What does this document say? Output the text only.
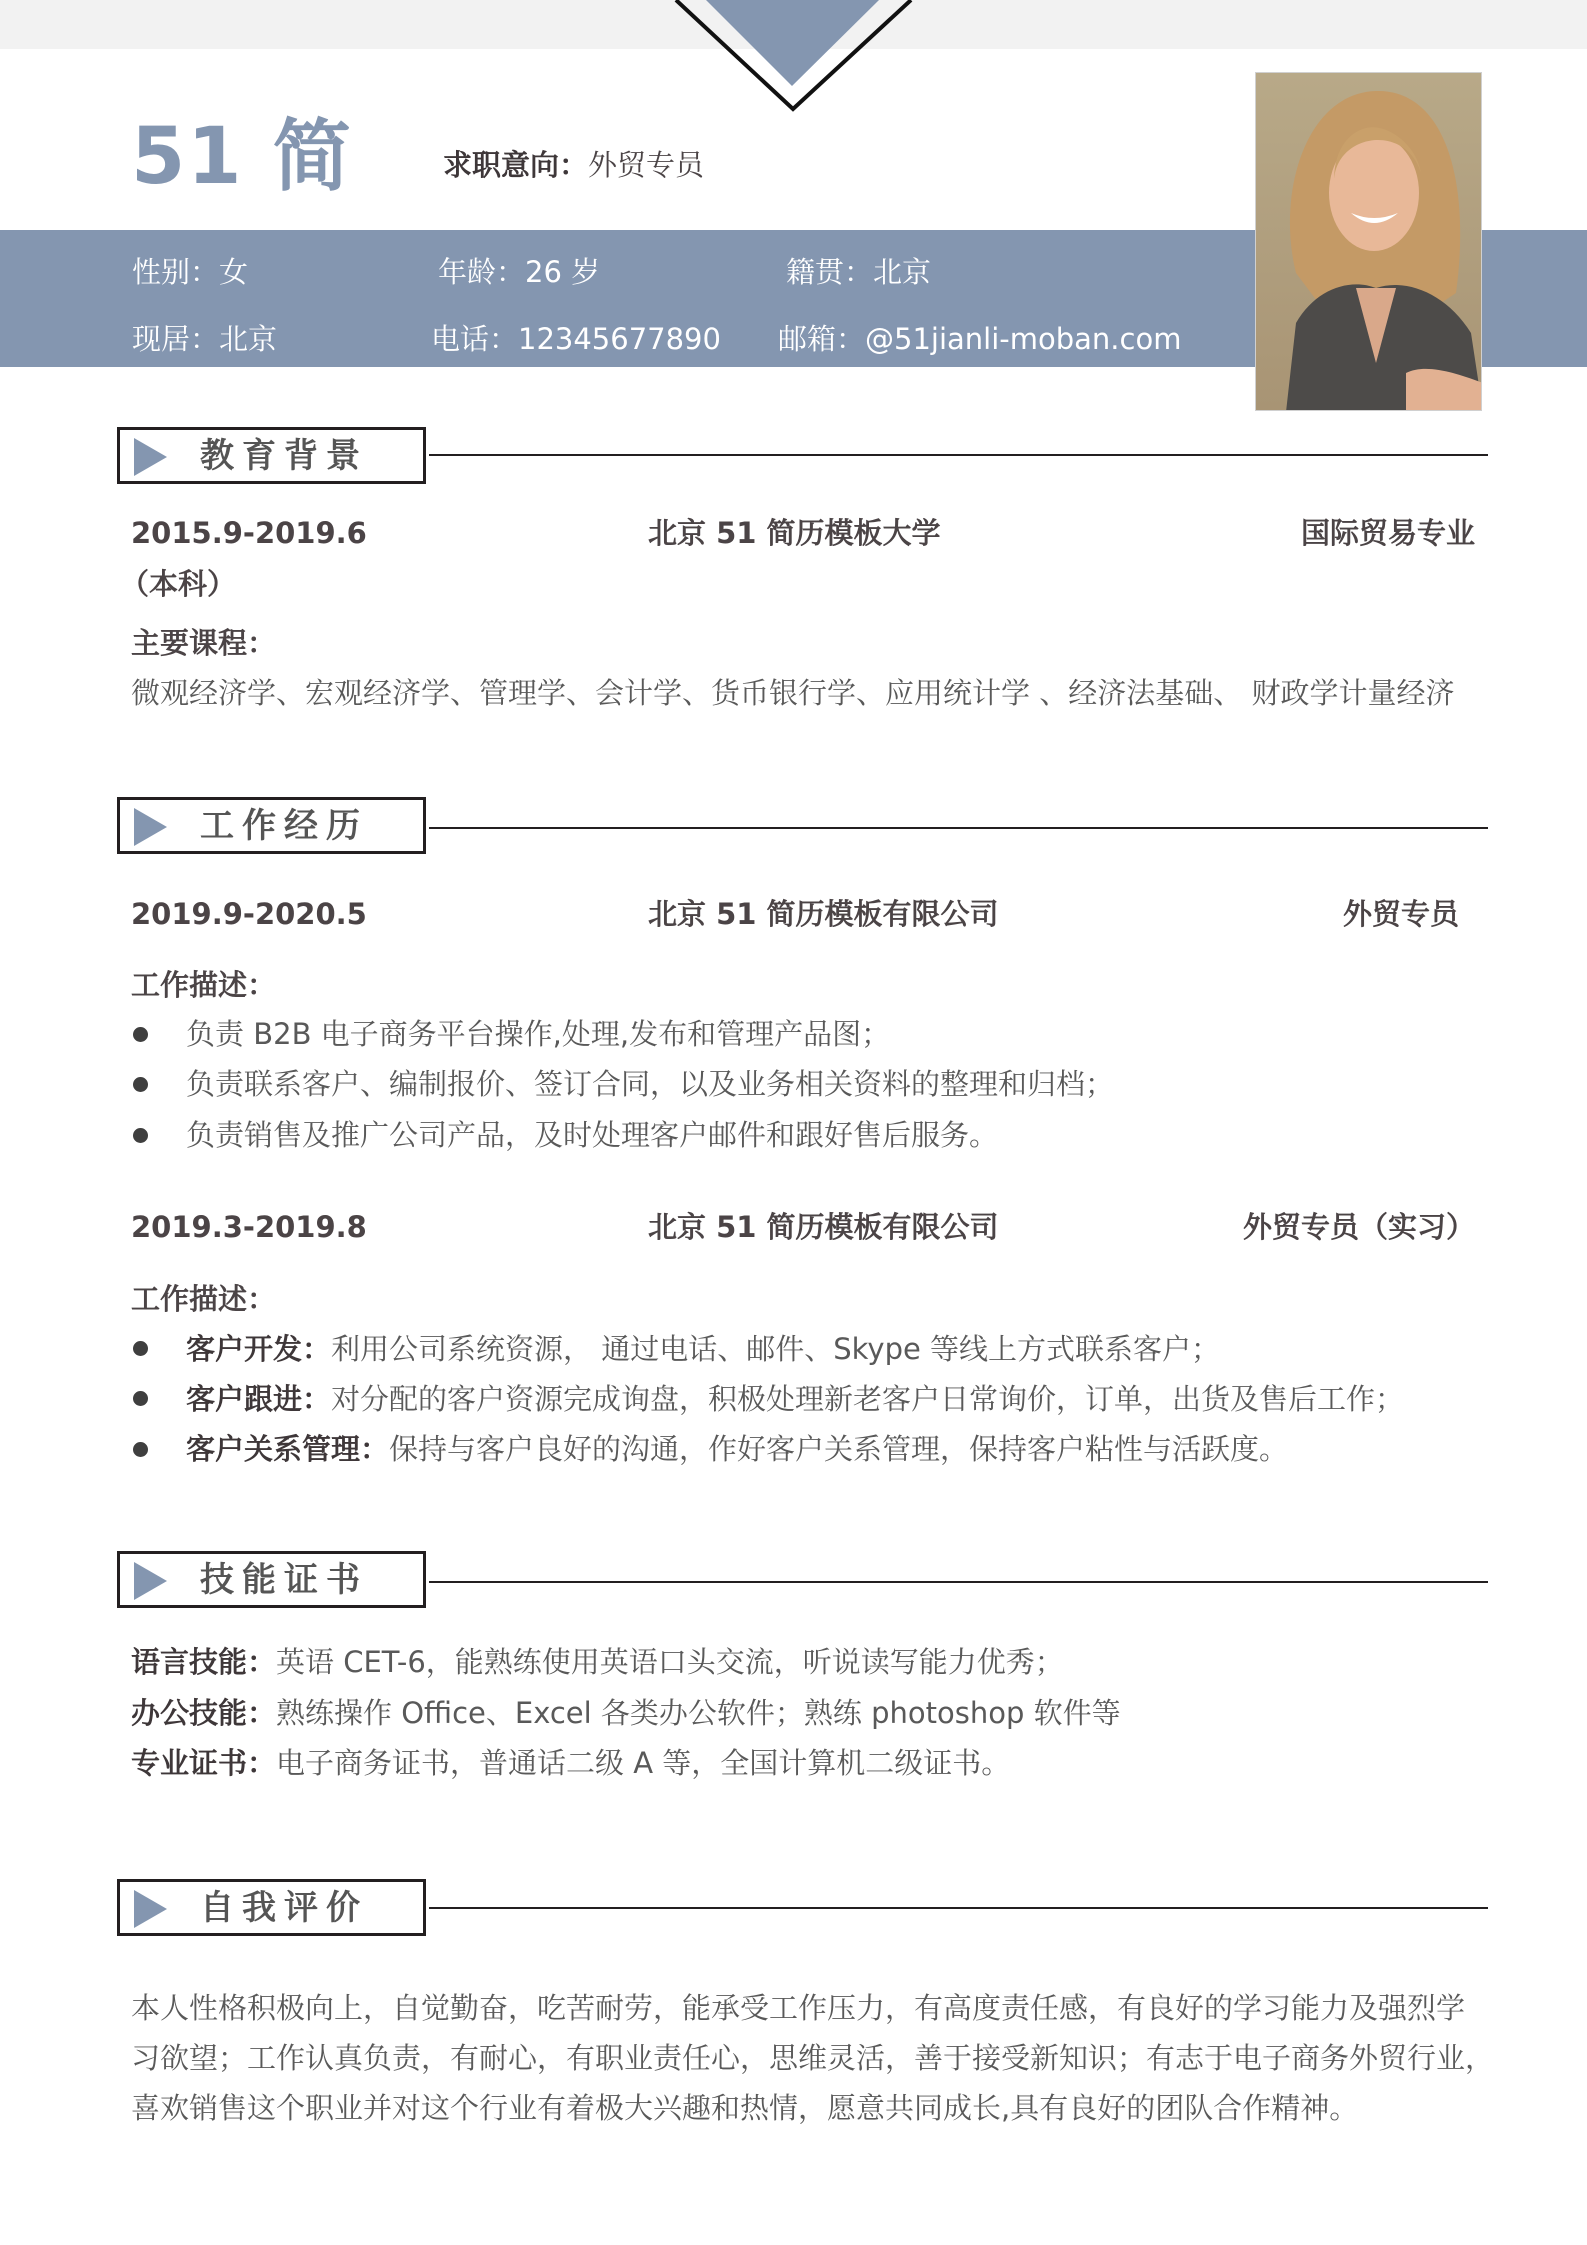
51 简	求职意向：外贸专员
性别：女	年龄：26 岁	籍贯：北京
现居：北京	电话：12345677890 邮箱：@51jianli-moban.com
教育背景
2015.9-2019.6	北京 51 简历模板大学	国际贸易专业
（本科）
主要课程：
微观经济学、宏观经济学、管理学、会计学、货币银行学、应用统计学 、经济法基础、 财政学计量经济
工作经历
2019.9-2020.5	北京 51 简历模板有限公司	外贸专员
工作描述：
负责 B2B 电子商务平台操作,处理,发布和管理产品图；
负责联系客户、编制报价、签订合同，以及业务相关资料的整理和归档；
负责销售及推广公司产品，及时处理客户邮件和跟好售后服务。
2019.3-2019.8	北京 51 简历模板有限公司	外贸专员（实习）
工作描述：
客户开发：利用公司系统资源， 通过电话、邮件、Skype 等线上方式联系客户；
客户跟进：对分配的客户资源完成询盘，积极处理新老客户日常询价，订单，出货及售后工作；
客户关系管理：保持与客户良好的沟通，作好客户关系管理，保持客户粘性与活跃度。
技能证书
语言技能：英语 CET-6，能熟练使用英语口头交流，听说读写能力优秀；
办公技能：熟练操作 Office、Excel 各类办公软件；熟练 photoshop 软件等
专业证书：电子商务证书，普通话二级 A 等，全国计算机二级证书。
自我评价
本人性格积极向上，自觉勤奋，吃苦耐劳，能承受工作压力，有高度责任感，有良好的学习能力及强烈学
习欲望；工作认真负责，有耐心，有职业责任心，思维灵活，善于接受新知识；有志于电子商务外贸行业，
喜欢销售这个职业并对这个行业有着极大兴趣和热情，愿意共同成长,具有良好的团队合作精神。
